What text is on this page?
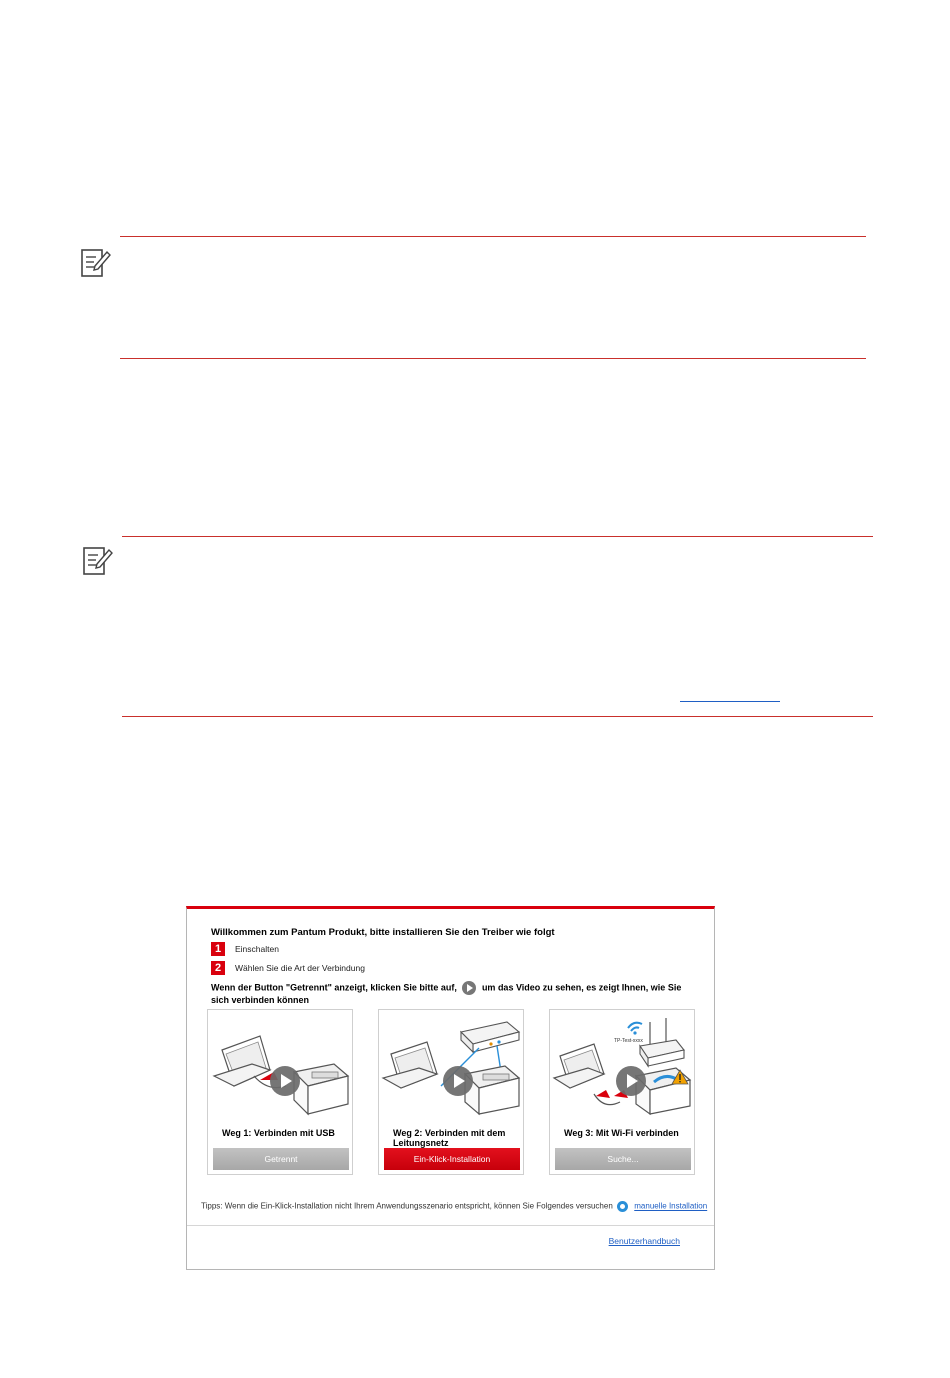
Willkommen zum Pantum Produkt, bitte installieren Sie den Treiber wie folgt
1	Einschalten
2	Wählen Sie die Art der Verbindung
Wenn der Button "Getrennt" anzeigt, klicken Sie bitte auf,	um das Video zu sehen, es zeigt Ihnen, wie Sie sich verbinden können
Weg 1: Verbinden mit USB
Getrennt
Weg 2: Verbinden mit dem Leitungsnetz
Ein-Klick-Installation
TP-Test-xxxx
Weg 3: Mit Wi-Fi verbinden
Suche...
Tipps: Wenn die Ein-Klick-Installation nicht Ihrem Anwendungsszenario entspricht, können Sie Folgendes versuchen	manuelle Installation
Benutzerhandbuch
